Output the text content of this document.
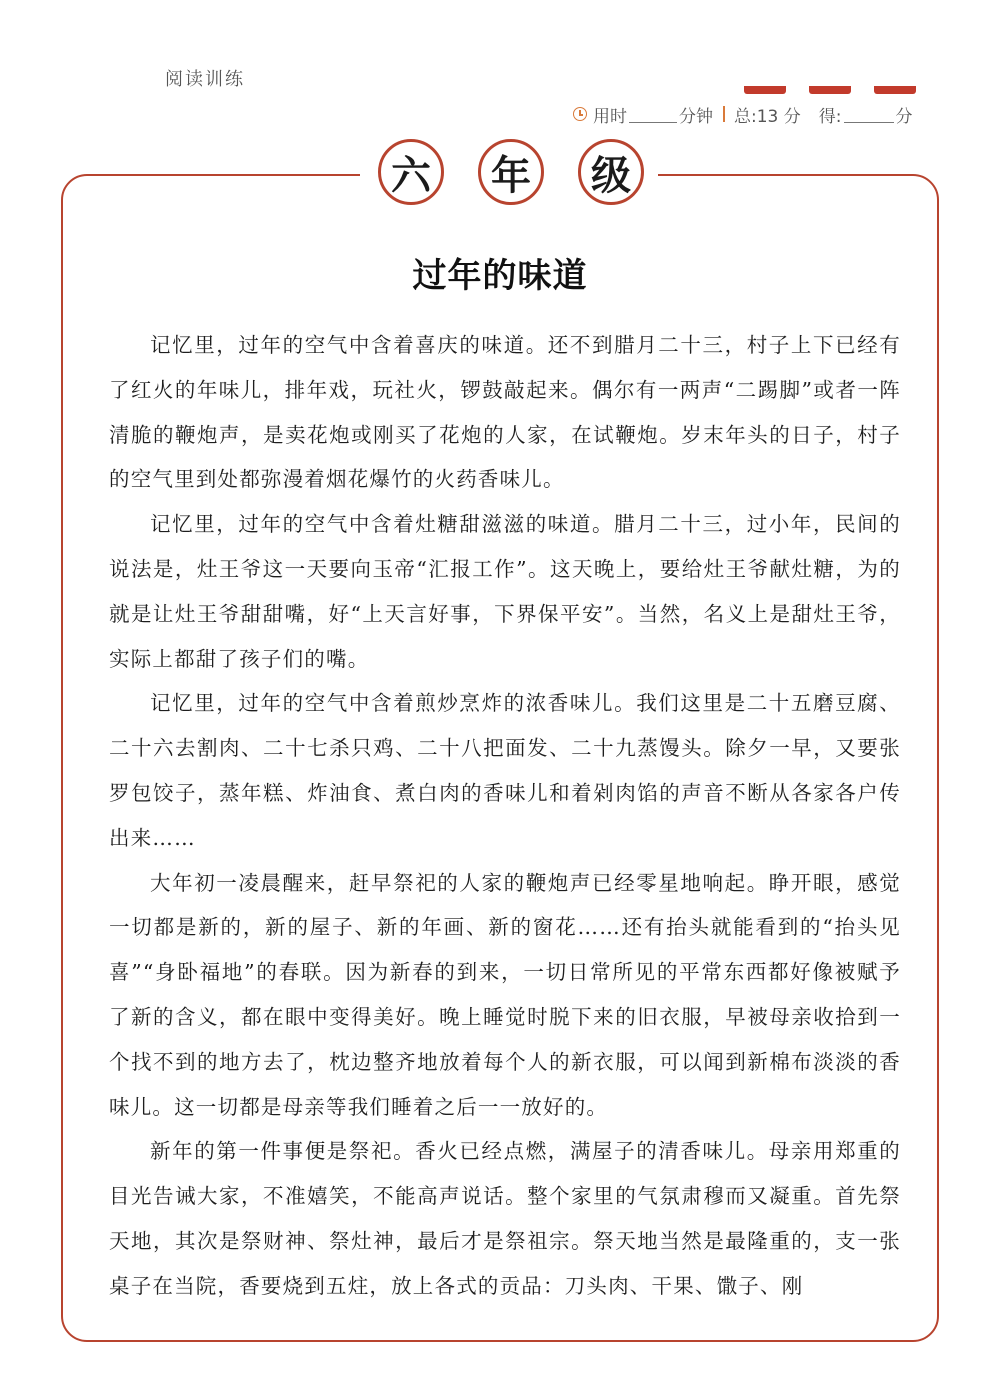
阅读训练
用时	分钟 总:13 分 得:	分
六	年	级
过年的味道

记忆里，过年的空气中含着喜庆的味道。还不到腊月二十三，村子上下已经有了红火的年味儿，排年戏，玩社火，锣鼓敲起来。偶尔有一两声“二踢脚”或者一阵清脆的鞭炮声，是卖花炮或刚买了花炮的人家，在试鞭炮。岁末年头的日子，村子的空气里到处都弥漫着烟花爆竹的火药香味儿。

记忆里，过年的空气中含着灶糖甜滋滋的味道。腊月二十三，过小年，民间的说法是，灶王爷这一天要向玉帝“汇报工作”。这天晚上，要给灶王爷献灶糖，为的就是让灶王爷甜甜嘴，好“上天言好事，下界保平安”。当然，名义上是甜灶王爷，实际上都甜了孩子们的嘴。

记忆里，过年的空气中含着煎炒烹炸的浓香味儿。我们这里是二十五磨豆腐、二十六去割肉、二十七杀只鸡、二十八把面发、二十九蒸馒头。除夕一早，又要张罗包饺子，蒸年糕、炸油食、煮白肉的香味儿和着剁肉馅的声音不断从各家各户传出来……

大年初一凌晨醒来，赶早祭祀的人家的鞭炮声已经零星地响起。睁开眼，感觉一切都是新的，新的屋子、新的年画、新的窗花……还有抬头就能看到的“抬头见喜”“身卧福地”的春联。因为新春的到来，一切日常所见的平常东西都好像被赋予了新的含义，都在眼中变得美好。晚上睡觉时脱下来的旧衣服，早被母亲收拾到一个找不到的地方去了，枕边整齐地放着每个人的新衣服，可以闻到新棉布淡淡的香味儿。这一切都是母亲等我们睡着之后一一放好的。

新年的第一件事便是祭祀。香火已经点燃，满屋子的清香味儿。母亲用郑重的目光告诫大家，不准嬉笑，不能高声说话。整个家里的气氛肃穆而又凝重。首先祭天地，其次是祭财神、祭灶神，最后才是祭祖宗。祭天地当然是最隆重的，支一张桌子在当院，香要烧到五炷，放上各式的贡品：刀头肉、干果、馓子、刚
